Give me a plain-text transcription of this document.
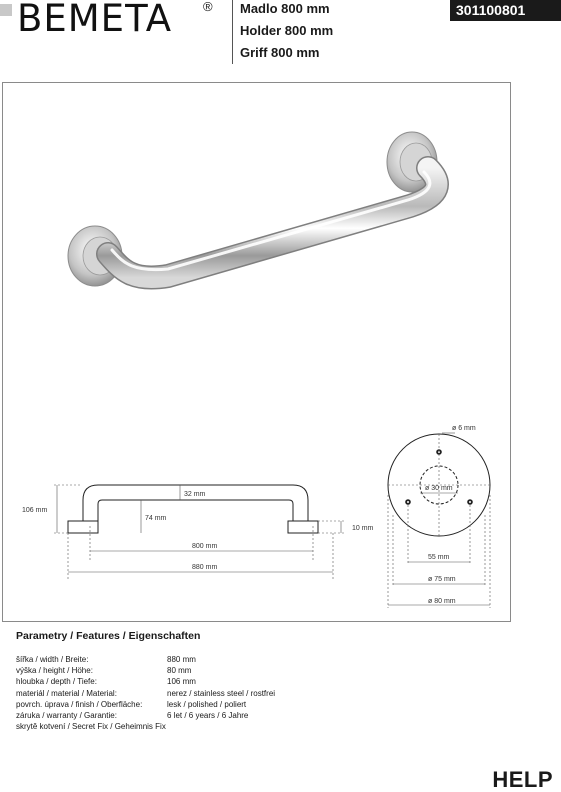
BEMETA ® Madlo 800 mm
Holder 800 mm
Griff 800 mm
301100801
106 mm
74 mm
32 mm
10 mm
800 mm
880 mm
ø 6 mm
ø 30 mm
55 mm
ø 75 mm
ø 80 mm
Parametry / Features / Eigenschaften
šířka / width / Breite:	880 mm
výška / height / Höhe:	80 mm
hloubka / depth / Tiefe:	106 mm
materiál / material / Material:	nerez / stainless steel / rostfrei
povrch. úprava / finish / Oberfläche:	lesk / polished / poliert
záruka / warranty / Garantie:	6 let / 6 years / 6 Jahre
skrytě kotvení / Secret Fix / Geheimnis Fix
HELP
